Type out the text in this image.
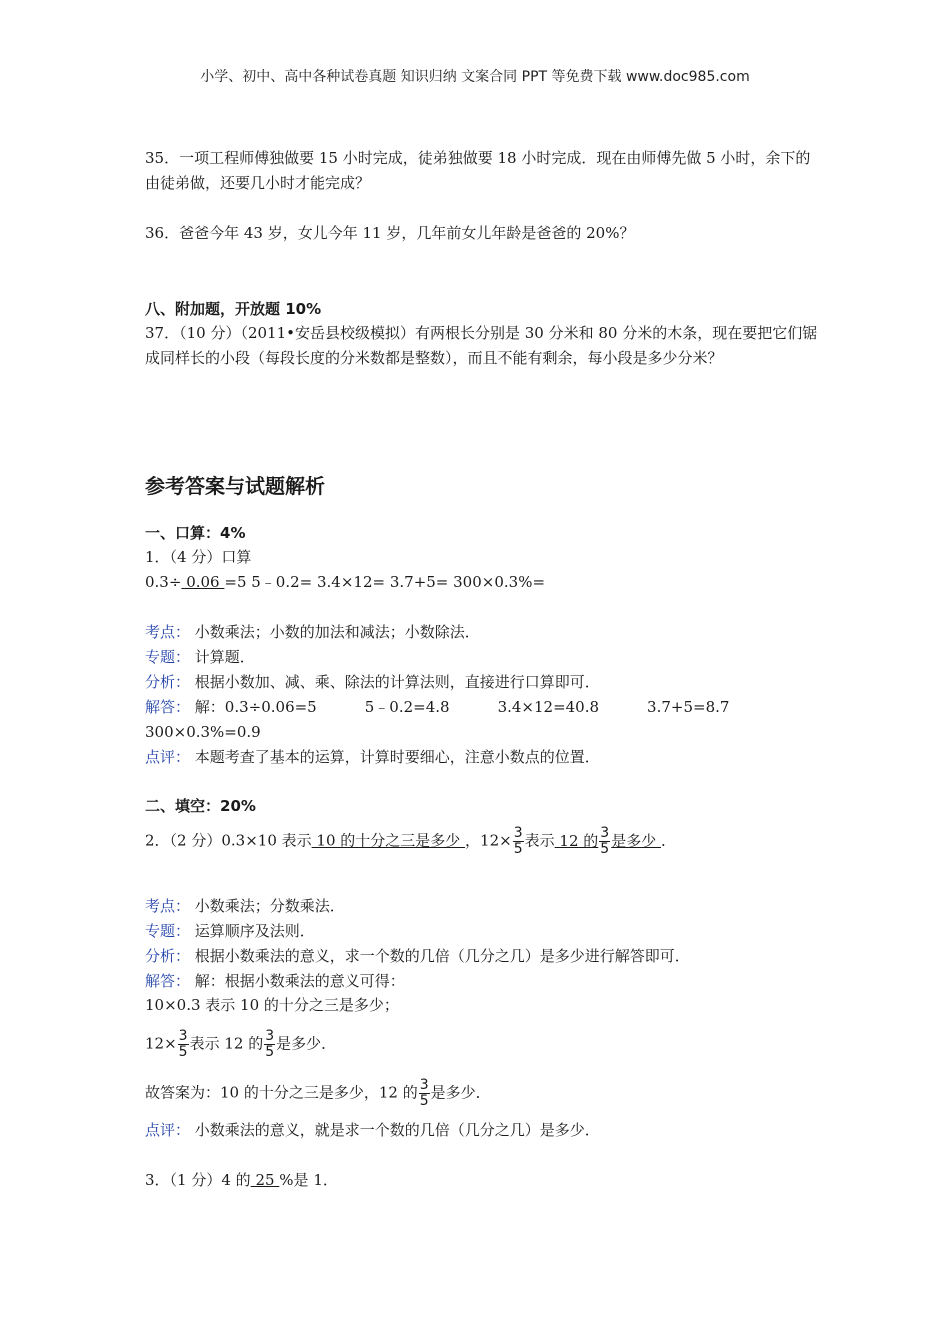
小学、初中、高中各种试卷真题 知识归纳 文案合同 PPT 等免费下载 www.doc985.com
35．一项工程师傅独做要 15 小时完成，徒弟独做要 18 小时完成．现在由师傅先做 5 小时，余下的由徒弟做，还要几小时才能完成？
36．爸爸今年 43 岁，女儿今年 11 岁，几年前女儿年龄是爸爸的 20%？
八、附加题，开放题 10%
37．（10 分）（2011•安岳县校级模拟）有两根长分别是 30 分米和 80 分米的木条，现在要把它们锯成同样长的小段（每段长度的分米数都是整数），而且不能有剩余，每小段是多少分米？
参考答案与试题解析
一、口算：4%
1．（4 分）口算
0.3÷ 0.06 =5 5﹣0.2= 3.4×12= 3.7+5= 300×0.3%=
考点： 小数乘法；小数的加法和减法；小数除法．
专题： 计算题．
分析： 根据小数加、减、乘、除法的计算法则，直接进行口算即可．
解答： 解：0.3÷0.06=5	5﹣0.2=4.8	3.4×12=40.8	3.7+5=8.7
300×0.3%=0.9
点评： 本题考查了基本的运算，计算时要细心，注意小数点的位置．
二、填空：20%
2．（2 分）0.3×10 表示 10 的十分之三是多少 ，$12\times \frac{3}{5}$ 表示 12 的 $\frac{3}{5}$ 是多少 ．
考点： 小数乘法；分数乘法．
专题： 运算顺序及法则．
分析： 根据小数乘法的意义，求一个数的几倍（几分之几）是多少进行解答即可．
解答： 解：根据小数乘法的意义可得：
10×0.3 表示 10 的十分之三是多少；
$12\times \frac{3}{5}$ 表示 12 的 $\frac{3}{5}$ 是多少．
故答案为：10 的十分之三是多少，12 的 $\frac{3}{5}$ 是多少．
点评： 小数乘法的意义，就是求一个数的几倍（几分之几）是多少．
3．（1 分）4 的 25 %是 1．
